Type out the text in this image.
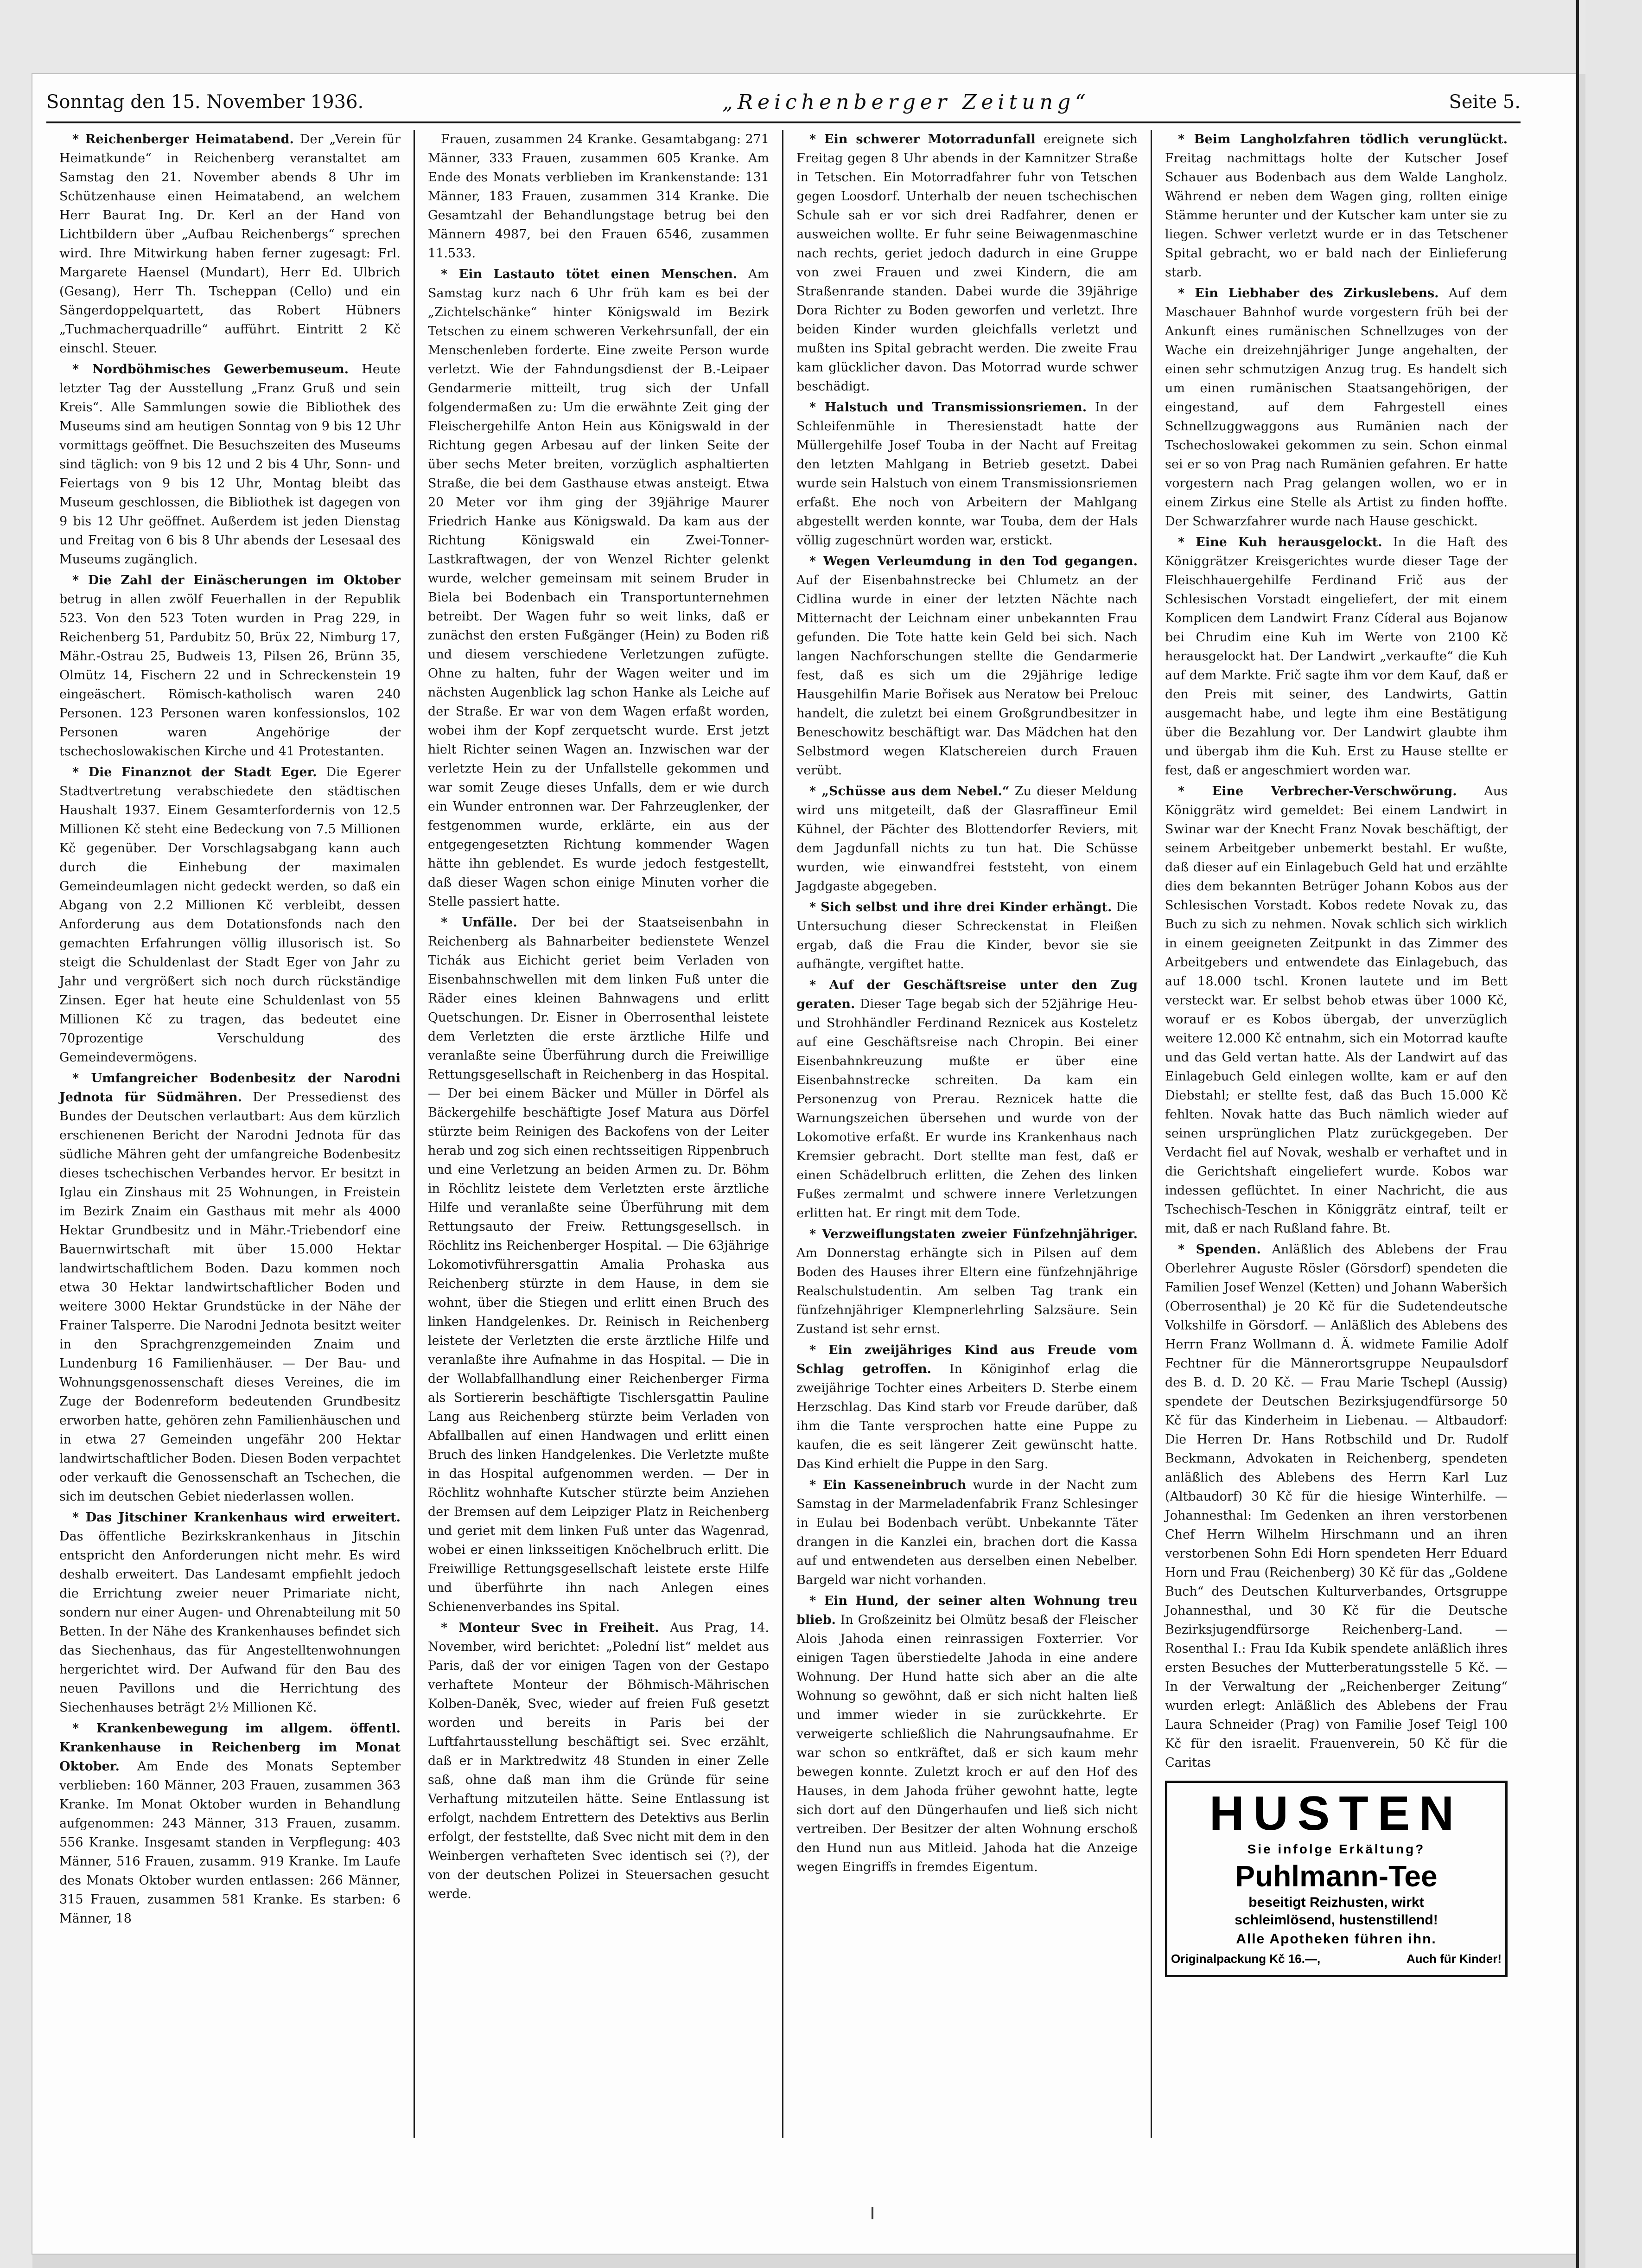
Sonntag den 15. November 1936.	„Reichenberger Zeitung“	Seite 5.

* Reichenberger Heimatabend. Der „Verein für Heimatkunde“ in Reichenberg veranstaltet am Samstag den 21. November abends 8 Uhr im Schützenhause einen Heimatabend, an welchem Herr Baurat Ing. Dr. Kerl an der Hand von Lichtbildern über „Aufbau Reichenbergs“ sprechen wird. Ihre Mitwirkung haben ferner zugesagt: Frl. Margarete Haensel (Mundart), Herr Ed. Ulbrich (Gesang), Herr Th. Tscheppan (Cello) und ein Sängerdoppelquartett, das Robert Hübners „Tuchmacherquadrille“ aufführt. Eintritt 2 Kč einschl. Steuer.

* Nordböhmisches Gewerbemuseum. Heute letzter Tag der Ausstellung „Franz Gruß und sein Kreis“. Alle Sammlungen sowie die Bibliothek des Museums sind am heutigen Sonntag von 9 bis 12 Uhr vormittags geöffnet. Die Besuchszeiten des Museums sind täglich: von 9 bis 12 und 2 bis 4 Uhr, Sonn- und Feiertags von 9 bis 12 Uhr, Montag bleibt das Museum geschlossen, die Bibliothek ist dagegen von 9 bis 12 Uhr geöffnet. Außerdem ist jeden Dienstag und Freitag von 6 bis 8 Uhr abends der Lesesaal des Museums zugänglich.

* Die Zahl der Einäscherungen im Oktober betrug in allen zwölf Feuerhallen in der Republik 523. Von den 523 Toten wurden in Prag 229, in Reichenberg 51, Pardubitz 50, Brüx 22, Nimburg 17, Mähr.-Ostrau 25, Budweis 13, Pilsen 26, Brünn 35, Olmütz 14, Fischern 22 und in Schreckenstein 19 eingeäschert. Römisch-katholisch waren 240 Personen. 123 Personen waren konfessionslos, 102 Personen waren Angehörige der tschechoslowakischen Kirche und 41 Protestanten.

* Die Finanznot der Stadt Eger. Die Egerer Stadtvertretung verabschiedete den städtischen Haushalt 1937. Einem Gesamterfordernis von 12.5 Millionen Kč steht eine Bedeckung von 7.5 Millionen Kč gegenüber. Der Vorschlagsabgang kann auch durch die Einhebung der maximalen Gemeindeumlagen nicht gedeckt werden, so daß ein Abgang von 2.2 Millionen Kč verbleibt, dessen Anforderung aus dem Dotationsfonds nach den gemachten Erfahrungen völlig illusorisch ist. So steigt die Schuldenlast der Stadt Eger von Jahr zu Jahr und vergrößert sich noch durch rückständige Zinsen. Eger hat heute eine Schuldenlast von 55 Millionen Kč zu tragen, das bedeutet eine 70prozentige Verschuldung des Gemeindevermögens.

* Umfangreicher Bodenbesitz der Narodni Jednota für Südmähren. Der Pressedienst des Bundes der Deutschen verlautbart: Aus dem kürzlich erschienenen Bericht der Narodni Jednota für das südliche Mähren geht der umfangreiche Bodenbesitz dieses tschechischen Verbandes hervor. Er besitzt in Iglau ein Zinshaus mit 25 Wohnungen, in Freistein im Bezirk Znaim ein Gasthaus mit mehr als 4000 Hektar Grundbesitz und in Mähr.-Triebendorf eine Bauernwirtschaft mit über 15.000 Hektar landwirtschaftlichem Boden. Dazu kommen noch etwa 30 Hektar landwirtschaftlicher Boden und weitere 3000 Hektar Grundstücke in der Nähe der Frainer Talsperre. Die Narodni Jednota besitzt weiter in den Sprachgrenzgemeinden Znaim und Lundenburg 16 Familienhäuser. — Der Bau- und Wohnungsgenossenschaft dieses Vereines, die im Zuge der Bodenreform bedeutenden Grundbesitz erworben hatte, gehören zehn Familienhäuschen und in etwa 27 Gemeinden ungefähr 200 Hektar landwirtschaftlicher Boden. Diesen Boden verpachtet oder verkauft die Genossenschaft an Tschechen, die sich im deutschen Gebiet niederlassen wollen.

* Das Jitschiner Krankenhaus wird erweitert. Das öffentliche Bezirkskrankenhaus in Jitschin entspricht den Anforderungen nicht mehr. Es wird deshalb erweitert. Das Landesamt empfiehlt jedoch die Errichtung zweier neuer Primariate nicht, sondern nur einer Augen- und Ohrenabteilung mit 50 Betten. In der Nähe des Krankenhauses befindet sich das Siechenhaus, das für Angestelltenwohnungen hergerichtet wird. Der Aufwand für den Bau des neuen Pavillons und die Herrichtung des Siechenhauses beträgt 2½ Millionen Kč.

* Krankenbewegung im allgem. öffentl. Krankenhause in Reichenberg im Monat Oktober. Am Ende des Monats September verblieben: 160 Männer, 203 Frauen, zusammen 363 Kranke. Im Monat Oktober wurden in Behandlung aufgenommen: 243 Männer, 313 Frauen, zusamm. 556 Kranke. Insgesamt standen in Verpflegung: 403 Männer, 516 Frauen, zusamm. 919 Kranke. Im Laufe des Monats Oktober wurden entlassen: 266 Männer, 315 Frauen, zusammen 581 Kranke. Es starben: 6 Männer, 18

Frauen, zusammen 24 Kranke. Gesamtabgang: 271 Männer, 333 Frauen, zusammen 605 Kranke. Am Ende des Monats verblieben im Krankenstande: 131 Männer, 183 Frauen, zusammen 314 Kranke. Die Gesamtzahl der Behandlungstage betrug bei den Männern 4987, bei den Frauen 6546, zusammen 11.533.

* Ein Lastauto tötet einen Menschen. Am Samstag kurz nach 6 Uhr früh kam es bei der „Zichtelschänke“ hinter Königswald im Bezirk Tetschen zu einem schweren Verkehrsunfall, der ein Menschenleben forderte. Eine zweite Person wurde verletzt. Wie der Fahndungsdienst der B.-Leipaer Gendarmerie mitteilt, trug sich der Unfall folgendermaßen zu: Um die erwähnte Zeit ging der Fleischergehilfe Anton Hein aus Königswald in der Richtung gegen Arbesau auf der linken Seite der über sechs Meter breiten, vorzüglich asphaltierten Straße, die bei dem Gasthause etwas ansteigt. Etwa 20 Meter vor ihm ging der 39jährige Maurer Friedrich Hanke aus Königswald. Da kam aus der Richtung Königswald ein Zwei-Tonner-Lastkraftwagen, der von Wenzel Richter gelenkt wurde, welcher gemeinsam mit seinem Bruder in Biela bei Bodenbach ein Transportunternehmen betreibt. Der Wagen fuhr so weit links, daß er zunächst den ersten Fußgänger (Hein) zu Boden riß und diesem verschiedene Verletzungen zufügte. Ohne zu halten, fuhr der Wagen weiter und im nächsten Augenblick lag schon Hanke als Leiche auf der Straße. Er war von dem Wagen erfaßt worden, wobei ihm der Kopf zerquetscht wurde. Erst jetzt hielt Richter seinen Wagen an. Inzwischen war der verletzte Hein zu der Unfallstelle gekommen und war somit Zeuge dieses Unfalls, dem er wie durch ein Wunder entronnen war. Der Fahrzeuglenker, der festgenommen wurde, erklärte, ein aus der entgegengesetzten Richtung kommender Wagen hätte ihn geblendet. Es wurde jedoch festgestellt, daß dieser Wagen schon einige Minuten vorher die Stelle passiert hatte.

* Unfälle. Der bei der Staatseisenbahn in Reichenberg als Bahnarbeiter bedienstete Wenzel Tichák aus Eichicht geriet beim Verladen von Eisenbahnschwellen mit dem linken Fuß unter die Räder eines kleinen Bahnwagens und erlitt Quetschungen. Dr. Eisner in Oberrosenthal leistete dem Verletzten die erste ärztliche Hilfe und veranlaßte seine Überführung durch die Freiwillige Rettungsgesellschaft in Reichenberg in das Hospital. — Der bei einem Bäcker und Müller in Dörfel als Bäckergehilfe beschäftigte Josef Matura aus Dörfel stürzte beim Reinigen des Backofens von der Leiter herab und zog sich einen rechtsseitigen Rippenbruch und eine Verletzung an beiden Armen zu. Dr. Böhm in Röchlitz leistete dem Verletzten erste ärztliche Hilfe und veranlaßte seine Überführung mit dem Rettungsauto der Freiw. Rettungsgesellsch. in Röchlitz ins Reichenberger Hospital. — Die 63jährige Lokomotivführersgattin Amalia Prohaska aus Reichenberg stürzte in dem Hause, in dem sie wohnt, über die Stiegen und erlitt einen Bruch des linken Handgelenkes. Dr. Reinisch in Reichenberg leistete der Verletzten die erste ärztliche Hilfe und veranlaßte ihre Aufnahme in das Hospital. — Die in der Wollabfallhandlung einer Reichenberger Firma als Sortiererin beschäftigte Tischlersgattin Pauline Lang aus Reichenberg stürzte beim Verladen von Abfallballen auf einen Handwagen und erlitt einen Bruch des linken Handgelenkes. Die Verletzte mußte in das Hospital aufgenommen werden. — Der in Röchlitz wohnhafte Kutscher stürzte beim Anziehen der Bremsen auf dem Leipziger Platz in Reichenberg und geriet mit dem linken Fuß unter das Wagenrad, wobei er einen linksseitigen Knöchelbruch erlitt. Die Freiwillige Rettungsgesellschaft leistete erste Hilfe und überführte ihn nach Anlegen eines Schienenverbandes ins Spital.

* Monteur Svec in Freiheit. Aus Prag, 14. November, wird berichtet: „Polední list“ meldet aus Paris, daß der vor einigen Tagen von der Gestapo verhaftete Monteur der Böhmisch-Mährischen Kolben-Daněk, Svec, wieder auf freien Fuß gesetzt worden und bereits in Paris bei der Luftfahrtausstellung beschäftigt sei. Svec erzählt, daß er in Marktredwitz 48 Stunden in einer Zelle saß, ohne daß man ihm die Gründe für seine Verhaftung mitzuteilen hätte. Seine Entlassung ist erfolgt, nachdem Entrettern des Detektivs aus Berlin erfolgt, der feststellte, daß Svec nicht mit dem in den Weinbergen verhafteten Svec identisch sei (?), der von der deutschen Polizei in Steuersachen gesucht werde.

* Ein schwerer Motorradunfall ereignete sich Freitag gegen 8 Uhr abends in der Kamnitzer Straße in Tetschen. Ein Motorradfahrer fuhr von Tetschen gegen Loosdorf. Unterhalb der neuen tschechischen Schule sah er vor sich drei Radfahrer, denen er ausweichen wollte. Er fuhr seine Beiwagenmaschine nach rechts, geriet jedoch dadurch in eine Gruppe von zwei Frauen und zwei Kindern, die am Straßenrande standen. Dabei wurde die 39jährige Dora Richter zu Boden geworfen und verletzt. Ihre beiden Kinder wurden gleichfalls verletzt und mußten ins Spital gebracht werden. Die zweite Frau kam glücklicher davon. Das Motorrad wurde schwer beschädigt.

* Halstuch und Transmissionsriemen. In der Schleifenmühle in Theresienstadt hatte der Müllergehilfe Josef Touba in der Nacht auf Freitag den letzten Mahlgang in Betrieb gesetzt. Dabei wurde sein Halstuch von einem Transmissionsriemen erfaßt. Ehe noch von Arbeitern der Mahlgang abgestellt werden konnte, war Touba, dem der Hals völlig zugeschnürt worden war, erstickt.

* Wegen Verleumdung in den Tod gegangen. Auf der Eisenbahnstrecke bei Chlumetz an der Cidlina wurde in einer der letzten Nächte nach Mitternacht der Leichnam einer unbekannten Frau gefunden. Die Tote hatte kein Geld bei sich. Nach langen Nachforschungen stellte die Gendarmerie fest, daß es sich um die 29jährige ledige Hausgehilfin Marie Bořisek aus Neratow bei Prelouc handelt, die zuletzt bei einem Großgrundbesitzer in Beneschowitz beschäftigt war. Das Mädchen hat den Selbstmord wegen Klatschereien durch Frauen verübt.

* „Schüsse aus dem Nebel.“ Zu dieser Meldung wird uns mitgeteilt, daß der Glasraffineur Emil Kühnel, der Pächter des Blottendorfer Reviers, mit dem Jagdunfall nichts zu tun hat. Die Schüsse wurden, wie einwandfrei feststeht, von einem Jagdgaste abgegeben.

* Sich selbst und ihre drei Kinder erhängt. Die Untersuchung dieser Schreckenstat in Fleißen ergab, daß die Frau die Kinder, bevor sie sie aufhängte, vergiftet hatte.

* Auf der Geschäftsreise unter den Zug geraten. Dieser Tage begab sich der 52jährige Heu- und Strohhändler Ferdinand Reznicek aus Kosteletz auf eine Geschäftsreise nach Chropin. Bei einer Eisenbahnkreuzung mußte er über eine Eisenbahnstrecke schreiten. Da kam ein Personenzug von Prerau. Reznicek hatte die Warnungszeichen übersehen und wurde von der Lokomotive erfaßt. Er wurde ins Krankenhaus nach Kremsier gebracht. Dort stellte man fest, daß er einen Schädelbruch erlitten, die Zehen des linken Fußes zermalmt und schwere innere Verletzungen erlitten hat. Er ringt mit dem Tode.

* Verzweiflungstaten zweier Fünfzehnjähriger. Am Donnerstag erhängte sich in Pilsen auf dem Boden des Hauses ihrer Eltern eine fünfzehnjährige Realschulstudentin. Am selben Tag trank ein fünfzehnjähriger Klempnerlehrling Salzsäure. Sein Zustand ist sehr ernst.

* Ein zweijähriges Kind aus Freude vom Schlag getroffen. In Königinhof erlag die zweijährige Tochter eines Arbeiters D. Sterbe einem Herzschlag. Das Kind starb vor Freude darüber, daß ihm die Tante versprochen hatte eine Puppe zu kaufen, die es seit längerer Zeit gewünscht hatte. Das Kind erhielt die Puppe in den Sarg.

* Ein Kasseneinbruch wurde in der Nacht zum Samstag in der Marmeladenfabrik Franz Schlesinger in Eulau bei Bodenbach verübt. Unbekannte Täter drangen in die Kanzlei ein, brachen dort die Kassa auf und entwendeten aus derselben einen Nebelber. Bargeld war nicht vorhanden.

* Ein Hund, der seiner alten Wohnung treu blieb. In Großzeinitz bei Olmütz besaß der Fleischer Alois Jahoda einen reinrassigen Foxterrier. Vor einigen Tagen überstiedelte Jahoda in eine andere Wohnung. Der Hund hatte sich aber an die alte Wohnung so gewöhnt, daß er sich nicht halten ließ und immer wieder in sie zurückkehrte. Er verweigerte schließlich die Nahrungsaufnahme. Er war schon so entkräftet, daß er sich kaum mehr bewegen konnte. Zuletzt kroch er auf den Hof des Hauses, in dem Jahoda früher gewohnt hatte, legte sich dort auf den Düngerhaufen und ließ sich nicht vertreiben. Der Besitzer der alten Wohnung erschoß den Hund nun aus Mitleid. Jahoda hat die Anzeige wegen Eingriffs in fremdes Eigentum.

* Beim Langholzfahren tödlich verunglückt. Freitag nachmittags holte der Kutscher Josef Schauer aus Bodenbach aus dem Walde Langholz. Während er neben dem Wagen ging, rollten einige Stämme herunter und der Kutscher kam unter sie zu liegen. Schwer verletzt wurde er in das Tetschener Spital gebracht, wo er bald nach der Einlieferung starb.

* Ein Liebhaber des Zirkuslebens. Auf dem Maschauer Bahnhof wurde vorgestern früh bei der Ankunft eines rumänischen Schnellzuges von der Wache ein dreizehnjähriger Junge angehalten, der einen sehr schmutzigen Anzug trug. Es handelt sich um einen rumänischen Staatsangehörigen, der eingestand, auf dem Fahrgestell eines Schnellzuggwaggons aus Rumänien nach der Tschechoslowakei gekommen zu sein. Schon einmal sei er so von Prag nach Rumänien gefahren. Er hatte vorgestern nach Prag gelangen wollen, wo er in einem Zirkus eine Stelle als Artist zu finden hoffte. Der Schwarzfahrer wurde nach Hause geschickt.

* Eine Kuh herausgelockt. In die Haft des Königgrätzer Kreisgerichtes wurde dieser Tage der Fleischhauergehilfe Ferdinand Frič aus der Schlesischen Vorstadt eingeliefert, der mit einem Komplicen dem Landwirt Franz Cíderal aus Bojanow bei Chrudim eine Kuh im Werte von 2100 Kč herausgelockt hat. Der Landwirt „verkaufte“ die Kuh auf dem Markte. Frič sagte ihm vor dem Kauf, daß er den Preis mit seiner, des Landwirts, Gattin ausgemacht habe, und legte ihm eine Bestätigung über die Bezahlung vor. Der Landwirt glaubte ihm und übergab ihm die Kuh. Erst zu Hause stellte er fest, daß er angeschmiert worden war.

* Eine Verbrecher-Verschwörung. Aus Königgrätz wird gemeldet: Bei einem Landwirt in Swinar war der Knecht Franz Novak beschäftigt, der seinem Arbeitgeber unbemerkt bestahl. Er wußte, daß dieser auf ein Einlagebuch Geld hat und erzählte dies dem bekannten Betrüger Johann Kobos aus der Schlesischen Vorstadt. Kobos redete Novak zu, das Buch zu sich zu nehmen. Novak schlich sich wirklich in einem geeigneten Zeitpunkt in das Zimmer des Arbeitgebers und entwendete das Einlagebuch, das auf 18.000 tschl. Kronen lautete und im Bett versteckt war. Er selbst behob etwas über 1000 Kč, worauf er es Kobos übergab, der unverzüglich weitere 12.000 Kč entnahm, sich ein Motorrad kaufte und das Geld vertan hatte. Als der Landwirt auf das Einlagebuch Geld einlegen wollte, kam er auf den Diebstahl; er stellte fest, daß das Buch 15.000 Kč fehlten. Novak hatte das Buch nämlich wieder auf seinen ursprünglichen Platz zurückgegeben. Der Verdacht fiel auf Novak, weshalb er verhaftet und in die Gerichtshaft eingeliefert wurde. Kobos war indessen geflüchtet. In einer Nachricht, die aus Tschechisch-Teschen in Königgrätz eintraf, teilt er mit, daß er nach Rußland fahre. Bt.

* Spenden. Anläßlich des Ablebens der Frau Oberlehrer Auguste Rösler (Görsdorf) spendeten die Familien Josef Wenzel (Ketten) und Johann Waberšich (Oberrosenthal) je 20 Kč für die Sudetendeutsche Volkshilfe in Görsdorf. — Anläßlich des Ablebens des Herrn Franz Wollmann d. Ä. widmete Familie Adolf Fechtner für die Männerortsgruppe Neupaulsdorf des B. d. D. 20 Kč. — Frau Marie Tschepl (Aussig) spendete der Deutschen Bezirksjugendfürsorge 50 Kč für das Kinderheim in Liebenau. — Altbaudorf: Die Herren Dr. Hans Rotbschild und Dr. Rudolf Beckmann, Advokaten in Reichenberg, spendeten anläßlich des Ablebens des Herrn Karl Luz (Altbaudorf) 30 Kč für die hiesige Winterhilfe. — Johannesthal: Im Gedenken an ihren verstorbenen Chef Herrn Wilhelm Hirschmann und an ihren verstorbenen Sohn Edi Horn spendeten Herr Eduard Horn und Frau (Reichenberg) 30 Kč für das „Goldene Buch“ des Deutschen Kulturverbandes, Ortsgruppe Johannesthal, und 30 Kč für die Deutsche Bezirksjugendfürsorge Reichenberg-Land. — Rosenthal I.: Frau Ida Kubik spendete anläßlich ihres ersten Besuches der Mutterberatungsstelle 5 Kč. — In der Verwaltung der „Reichenberger Zeitung“ wurden erlegt: Anläßlich des Ablebens der Frau Laura Schneider (Prag) von Familie Josef Teigl 100 Kč für den israelit. Frauenverein, 50 Kč für die Caritas

HUSTEN
Sie infolge Erkältung?
Puhlmann-Tee
beseitigt Reizhusten, wirkt
schleimlösend, hustenstillend!
Alle Apotheken führen ihn.
Originalpackung Kč 16.—,	Auch für Kinder!
